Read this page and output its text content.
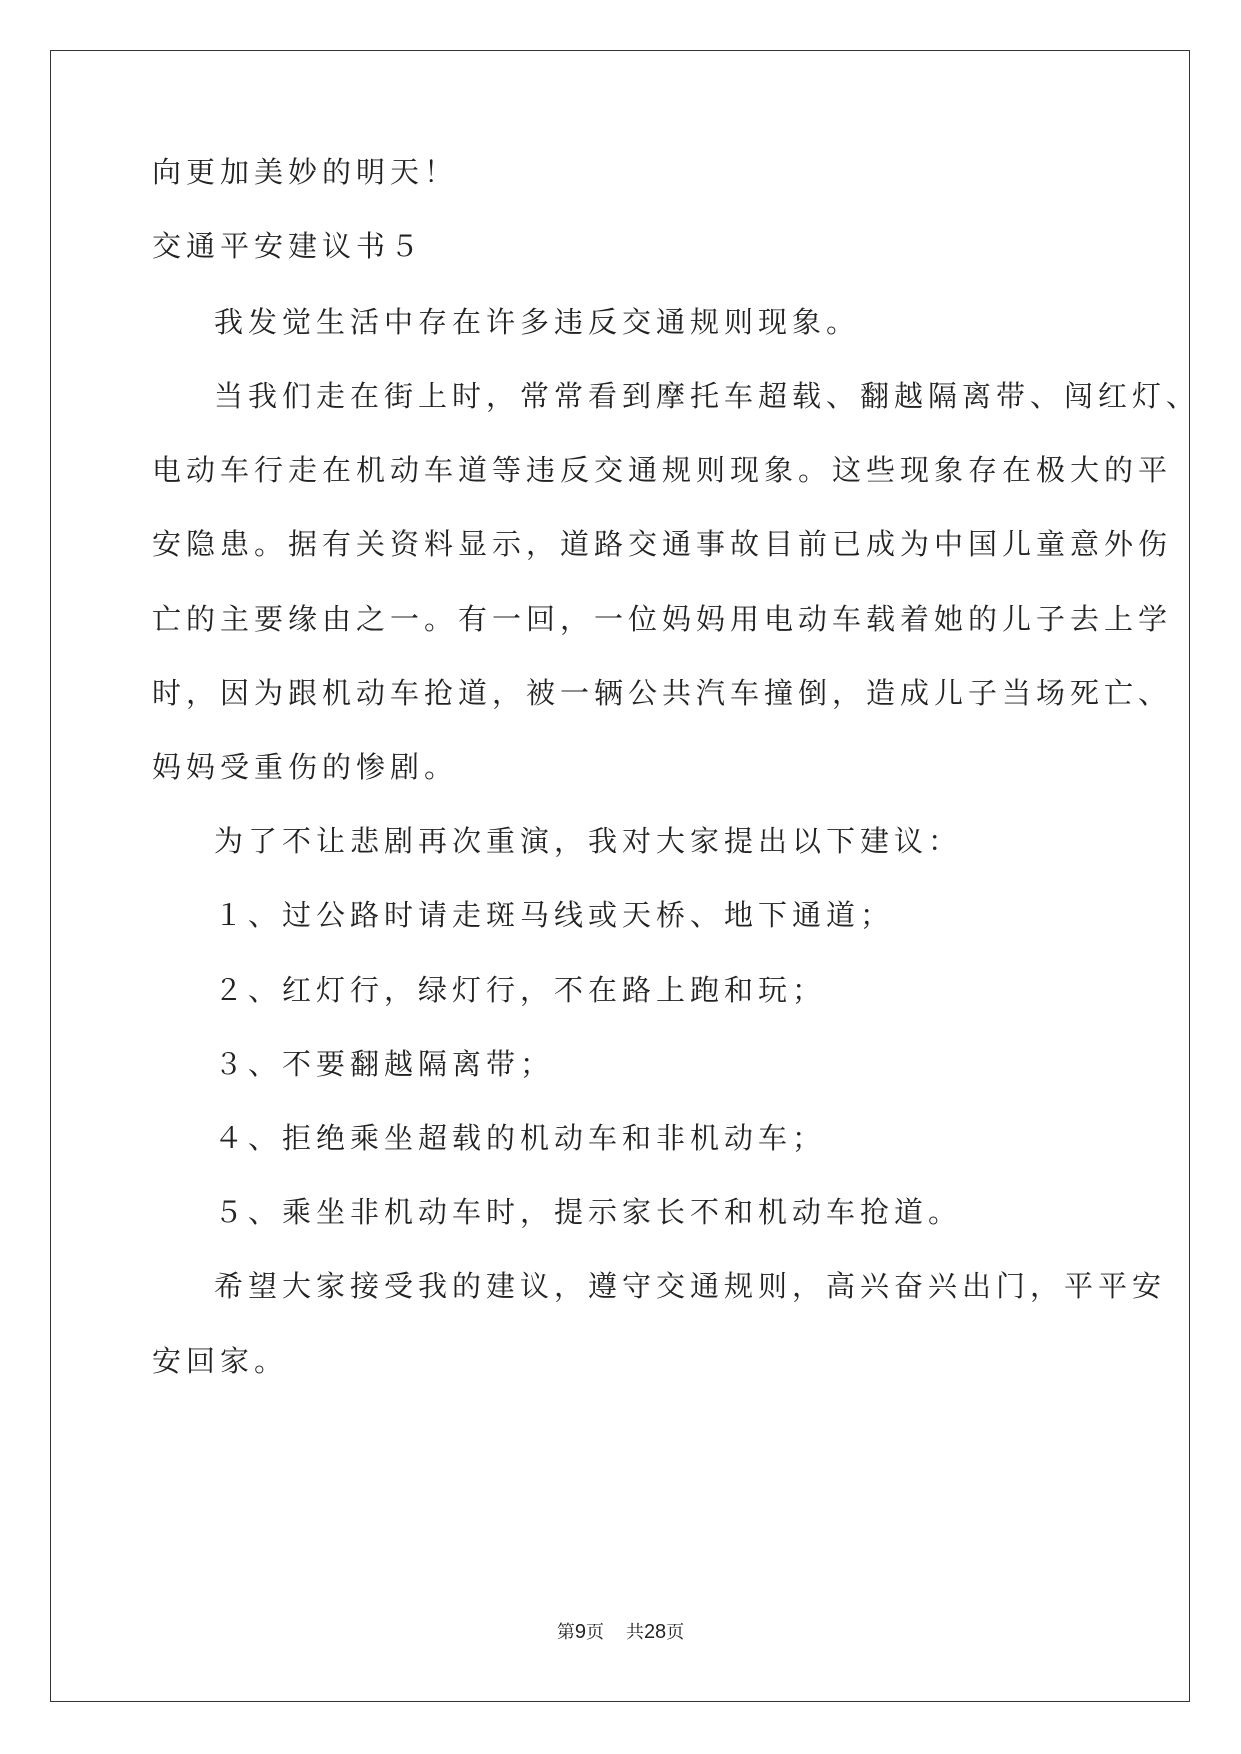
向更加美妙的明天！
交通平安建议书５
我发觉生活中存在许多违反交通规则现象。
当我们走在街上时，常常看到摩托车超载、翻越隔离带、闯红灯、
电动车行走在机动车道等违反交通规则现象。这些现象存在极大的平
安隐患。据有关资料显示，道路交通事故目前已成为中国儿童意外伤
亡的主要缘由之一。有一回，一位妈妈用电动车载着她的儿子去上学
时，因为跟机动车抢道，被一辆公共汽车撞倒，造成儿子当场死亡、
妈妈受重伤的惨剧。
为了不让悲剧再次重演，我对大家提出以下建议：
１、过公路时请走斑马线或天桥、地下通道；
２、红灯行，绿灯行，不在路上跑和玩；
３、不要翻越隔离带；
４、拒绝乘坐超载的机动车和非机动车；
５、乘坐非机动车时，提示家长不和机动车抢道。
希望大家接受我的建议，遵守交通规则，高兴奋兴出门，平平安
安回家。
第9页 共28页
